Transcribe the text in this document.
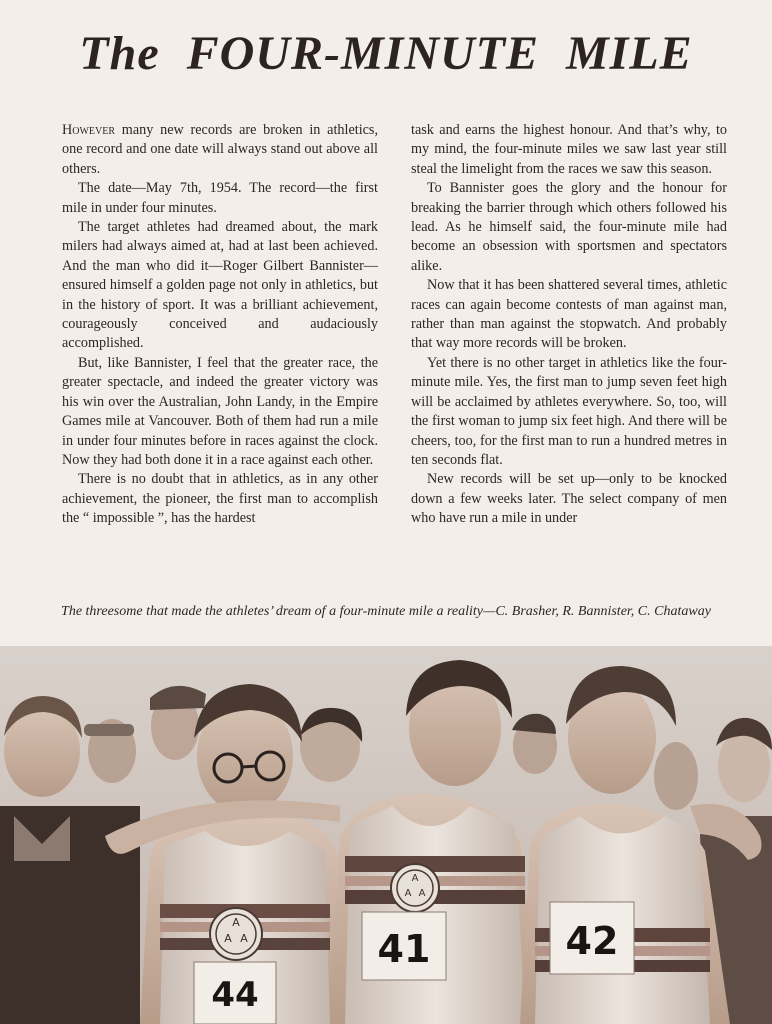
The FOUR-MINUTE MILE

However many new records are broken in athletics, one record and one date will always stand out above all others.

The date—May 7th, 1954. The record—the first mile in under four minutes.

The target athletes had dreamed about, the mark milers had always aimed at, had at last been achieved. And the man who did it—Roger Gilbert Bannister—ensured himself a golden page not only in athletics, but in the history of sport. It was a brilliant achievement, courageously conceived and audaciously accomplished.

But, like Bannister, I feel that the greater race, the greater spectacle, and indeed the greater victory was his win over the Australian, John Landy, in the Empire Games mile at Vancouver. Both of them had run a mile in under four minutes before in races against the clock. Now they had both done it in a race against each other.

There is no doubt that in athletics, as in any other achievement, the pioneer, the first man to accomplish the “ impossible ”, has the hardest

task and earns the highest honour. And that’s why, to my mind, the four-minute miles we saw last year still steal the limelight from the races we saw this season.

To Bannister goes the glory and the honour for breaking the barrier through which others followed his lead. As he himself said, the four-minute mile had become an obsession with sportsmen and spectators alike.

Now that it has been shattered several times, athletic races can again become contests of man against man, rather than man against the stopwatch. And probably that way more records will be broken.

Yet there is no other target in athletics like the four-minute mile. Yes, the first man to jump seven feet high will be acclaimed by athletes everywhere. So, too, will the first woman to jump six feet high. And there will be cheers, too, for the first man to run a hundred metres in ten seconds flat.

New records will be set up—only to be knocked down a few weeks later. The select company of men who have run a mile in under

The threesome that made the athletes’ dream of a four-minute mile a reality—C. Brasher, R. Bannister, C. Chataway
A
A A
A
A A
44
41	42
